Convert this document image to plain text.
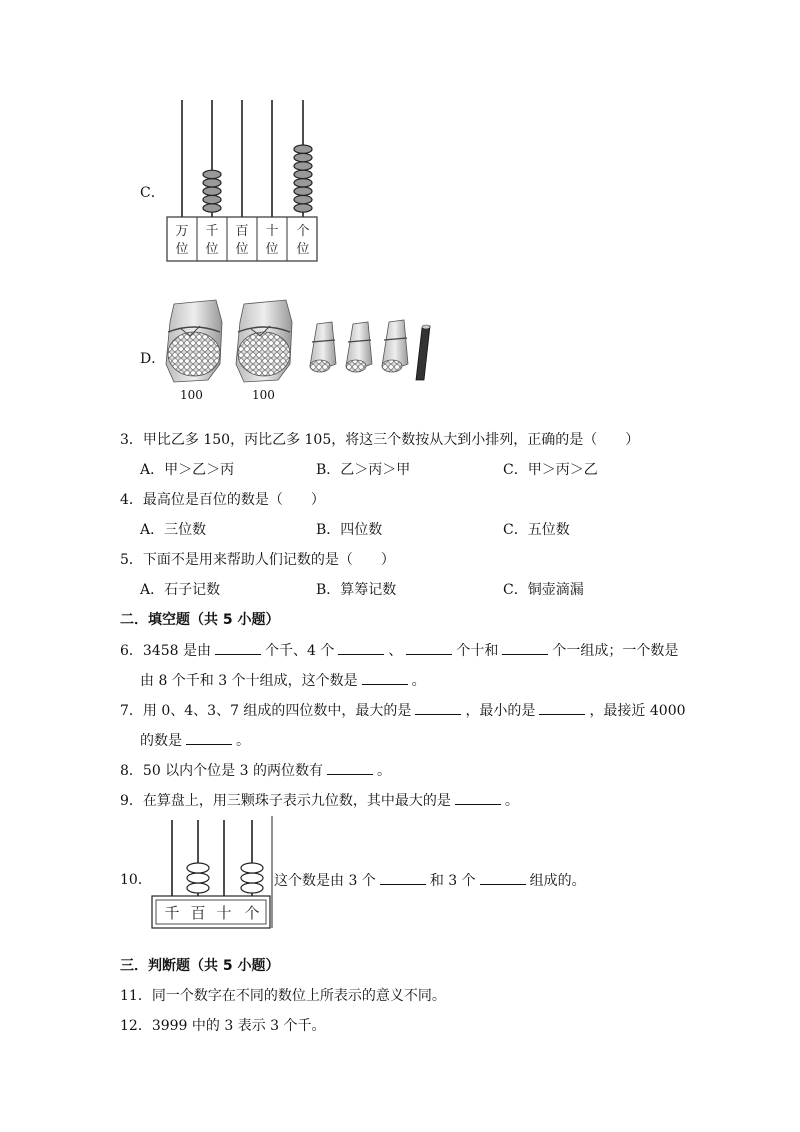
C．
万
位
千
位
百
位
十
位
个
位
D．
100	100
3．甲比乙多 150，丙比乙多 105，将这三个数按从大到小排列，正确的是（　　）
A．甲＞乙＞丙	B．乙＞丙＞甲	C．甲＞丙＞乙
4．最高位是百位的数是（　　）
A．三位数	B．四位数	C．五位数
5．下面不是用来帮助人们记数的是（　　）
A．石子记数	B．算筹记数	C．铜壶滴漏
二．填空题（共 5 小题）
6．3458 是由	个千、4 个	、	个十和	个一组成；一个数是
由 8 个千和 3 个十组成，这个数是	。
7．用 0、4、3、7 组成的四位数中，最大的是	，最小的是	，最接近 4000
的数是	。
8．50 以内个位是 3 的两位数有	。
9．在算盘上，用三颗珠子表示九位数，其中最大的是	。
10．
千 百 十 个
这个数是由 3 个	和 3 个	组成的。
三．判断题（共 5 小题）
11．同一个数字在不同的数位上所表示的意义不同。
12．3999 中的 3 表示 3 个千。
